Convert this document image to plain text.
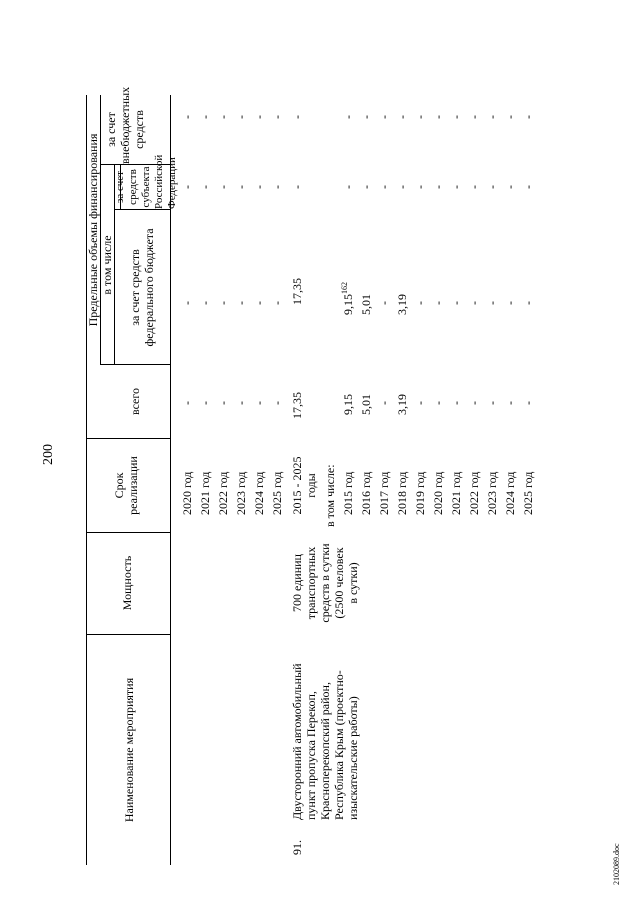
200
Наименование мероприятия
Мощность
Срок
реализации
Предельные объемы финансирования
всего
в том числе
за счет средств
федерального бюджета
за счет средств
субъекта
Российской
Федерации
за счет
внебюджетных
средств
2020 год 2021 год 2022 год 2023 год 2024 год 2025 год
- - - - - -
- - - - - -
- - - - - -
- - - - - -
91.
Двусторонний автомобильный
пункт пропуска Перекоп,
Красноперекопский район,
Республика Крым (проектно-
изыскательские работы)
700 единиц
транспортных
средств в сутки
(2500 человек
в сутки)
2015 - 2025
годы
17,35
17,35
-
-
в том числе: 2015 год 2016 год 2017 год 2018 год 2019 год 2020 год 2021 год 2022 год 2023 год 2024 год 2025 год
9,15 5,01 - 3,19 - - - - - - -
9,15$^{162}$
5,01 - 3,19 - - - - - - -
- - - - - - - - - - -
- - - - - - - - - - -
2102089.doc
